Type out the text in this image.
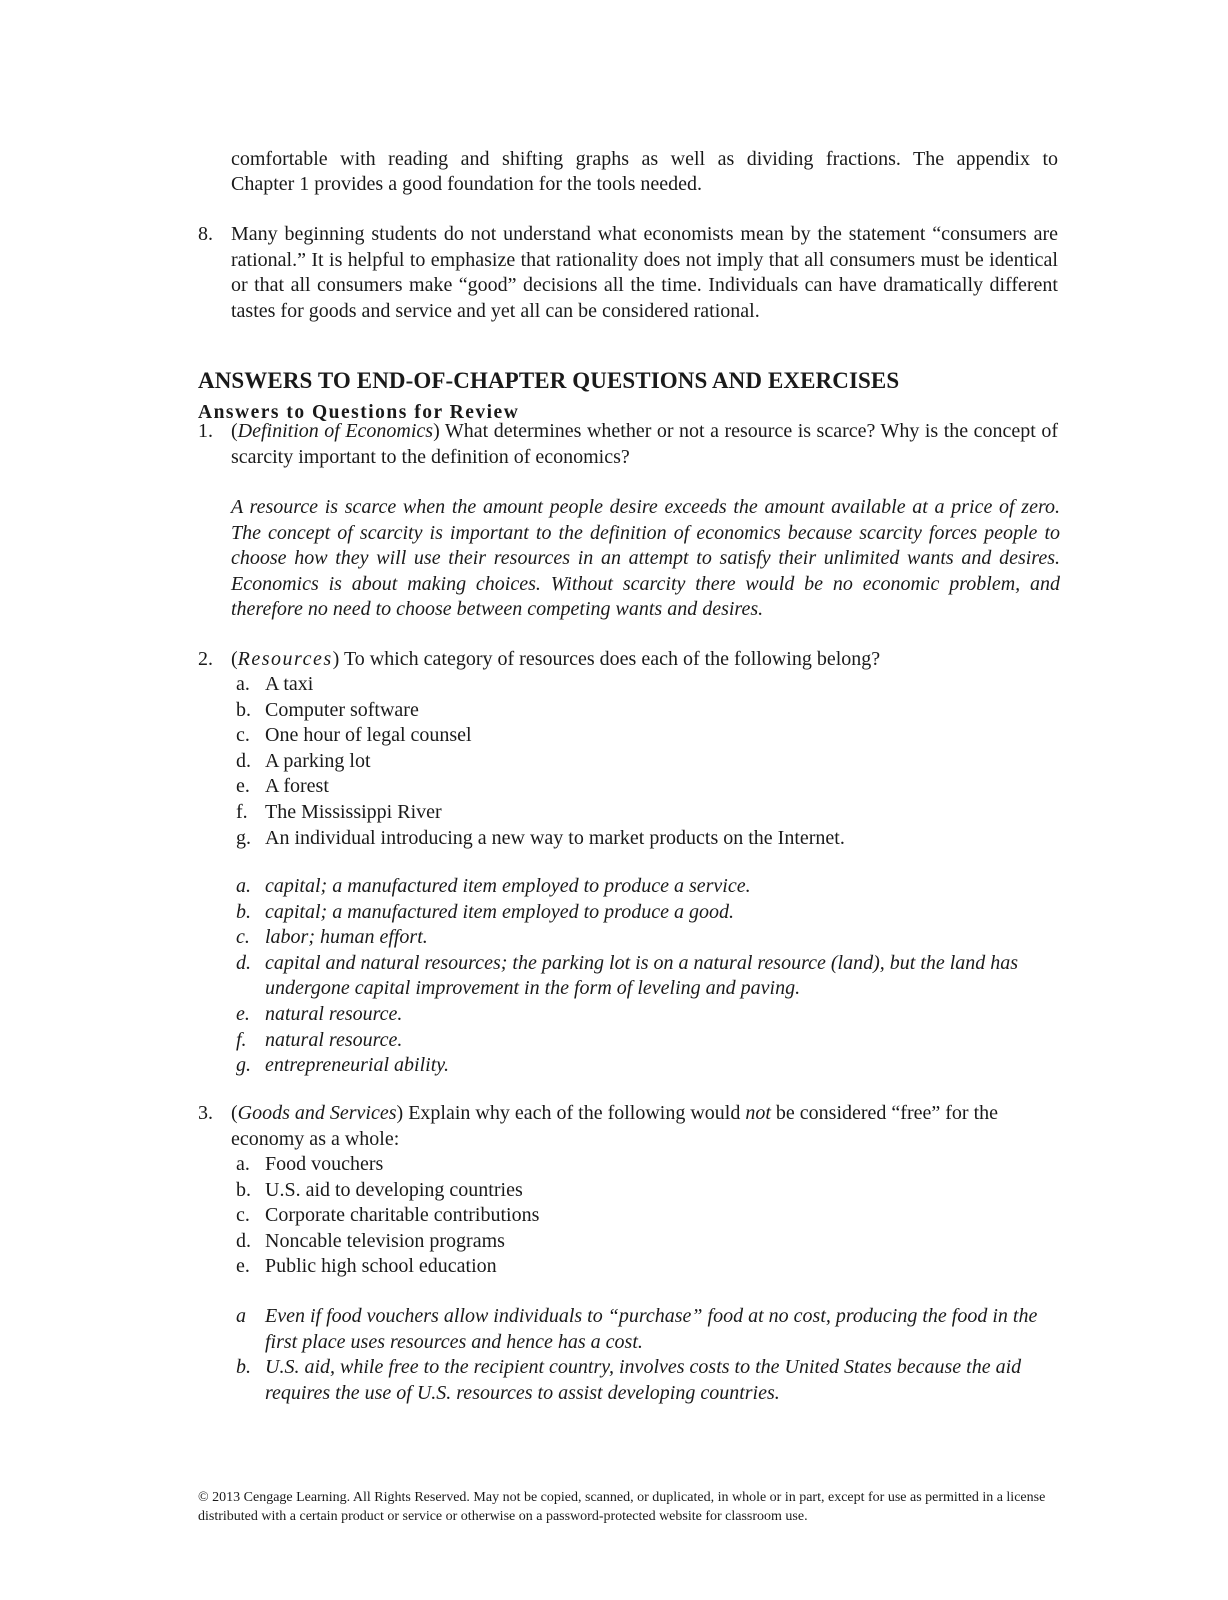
comfortable with reading and shifting graphs as well as dividing fractions. The appendix to
Chapter 1 provides a good foundation for the tools needed.
8. Many beginning students do not understand what economists mean by the statement “consumers are rational.” It is helpful to emphasize that rationality does not imply that all consumers must be identical or that all consumers make “good” decisions all the time. Individuals can have dramatically different tastes for goods and service and yet all can be considered rational.
ANSWERS TO END-OF-CHAPTER QUESTIONS AND EXERCISES
Answers to Questions for Review
1. (Definition of Economics) What determines whether or not a resource is scarce? Why is the concept of scarcity important to the definition of economics?
A resource is scarce when the amount people desire exceeds the amount available at a price of zero. The concept of scarcity is important to the definition of economics because scarcity forces people to choose how they will use their resources in an attempt to satisfy their unlimited wants and desires. Economics is about making choices. Without scarcity there would be no economic problem, and therefore no need to choose between competing wants and desires.
2. (Resources) To which category of resources does each of the following belong?
a. A taxi
b. Computer software
c. One hour of legal counsel
d. A parking lot
e. A forest
f. The Mississippi River
g. An individual introducing a new way to market products on the Internet.
a. capital; a manufactured item employed to produce a service.
b. capital; a manufactured item employed to produce a good.
c. labor; human effort.
d. capital and natural resources; the parking lot is on a natural resource (land), but the land has undergone capital improvement in the form of leveling and paving.
e. natural resource.
f. natural resource.
g. entrepreneurial ability.
3. (Goods and Services) Explain why each of the following would not be considered “free” for the economy as a whole:
a. Food vouchers
b. U.S. aid to developing countries
c. Corporate charitable contributions
d. Noncable television programs
e. Public high school education
a Even if food vouchers allow individuals to “purchase” food at no cost, producing the food in the first place uses resources and hence has a cost.
b. U.S. aid, while free to the recipient country, involves costs to the United States because the aid requires the use of U.S. resources to assist developing countries.
© 2013 Cengage Learning. All Rights Reserved. May not be copied, scanned, or duplicated, in whole or in part, except for use as permitted in a license distributed with a certain product or service or otherwise on a password-protected website for classroom use.
